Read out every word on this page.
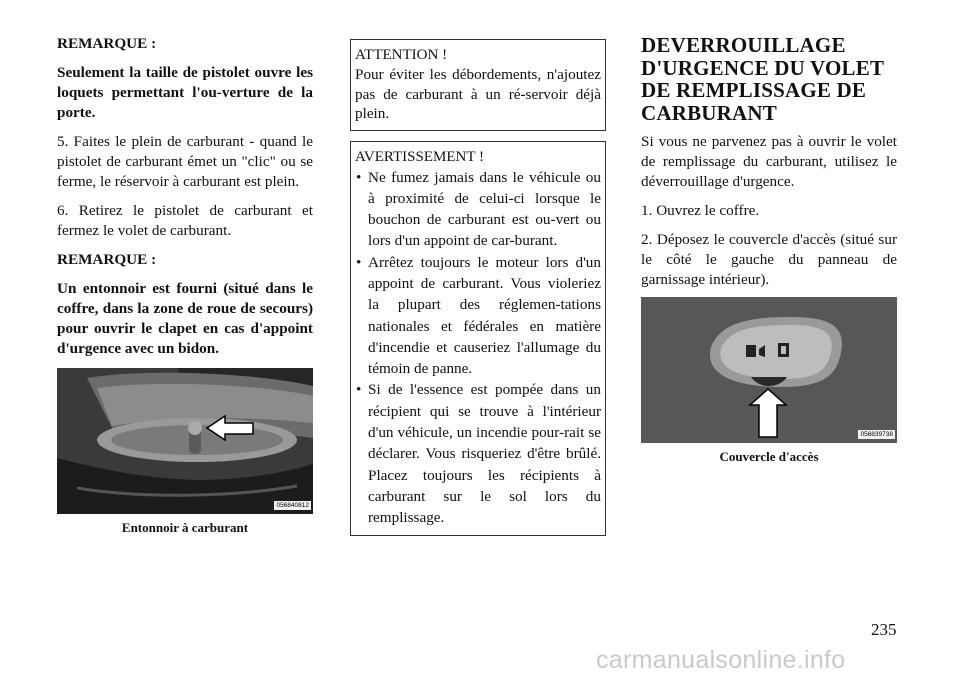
REMARQUE :

Seulement la taille de pistolet ouvre les loquets permettant l'ou-verture de la porte.

5. Faites le plein de carburant - quand le pistolet de carburant émet un "clic" ou se ferme, le réservoir à carburant est plein.

6. Retirez le pistolet de carburant et fermez le volet de carburant.

REMARQUE :

Un entonnoir est fourni (situé dans le coffre, dans la zone de roue de secours) pour ouvrir le clapet en cas d'appoint d'urgence avec un bidon.

056840812
Entonnoir à carburant

ATTENTION !

Pour éviter les débordements, n'ajoutez pas de carburant à un ré-servoir déjà plein.

AVERTISSEMENT !

• Ne fumez jamais dans le véhicule ou à proximité de celui-ci lorsque le bouchon de carburant est ou-vert ou lors d'un appoint de car-burant.
• Arrêtez toujours le moteur lors d'un appoint de carburant. Vous violeriez la plupart des réglemen-tations nationales et fédérales en matière d'incendie et causeriez l'allumage du témoin de panne.
• Si de l'essence est pompée dans un récipient qui se trouve à l'intérieur d'un véhicule, un incendie pour-rait se déclarer. Vous risqueriez d'être brûlé. Placez toujours les récipients à carburant sur le sol lors du remplissage.
DEVERROUILLAGE D'URGENCE DU VOLET DE REMPLISSAGE DE CARBURANT

Si vous ne parvenez pas à ouvrir le volet de remplissage du carburant, utilisez le déverrouillage d'urgence.

1. Ouvrez le coffre.

2. Déposez le couvercle d'accès (situé sur le côté le gauche du panneau de garnissage intérieur).

056839738
Couvercle d'accès
235
carmanualsonline.info
